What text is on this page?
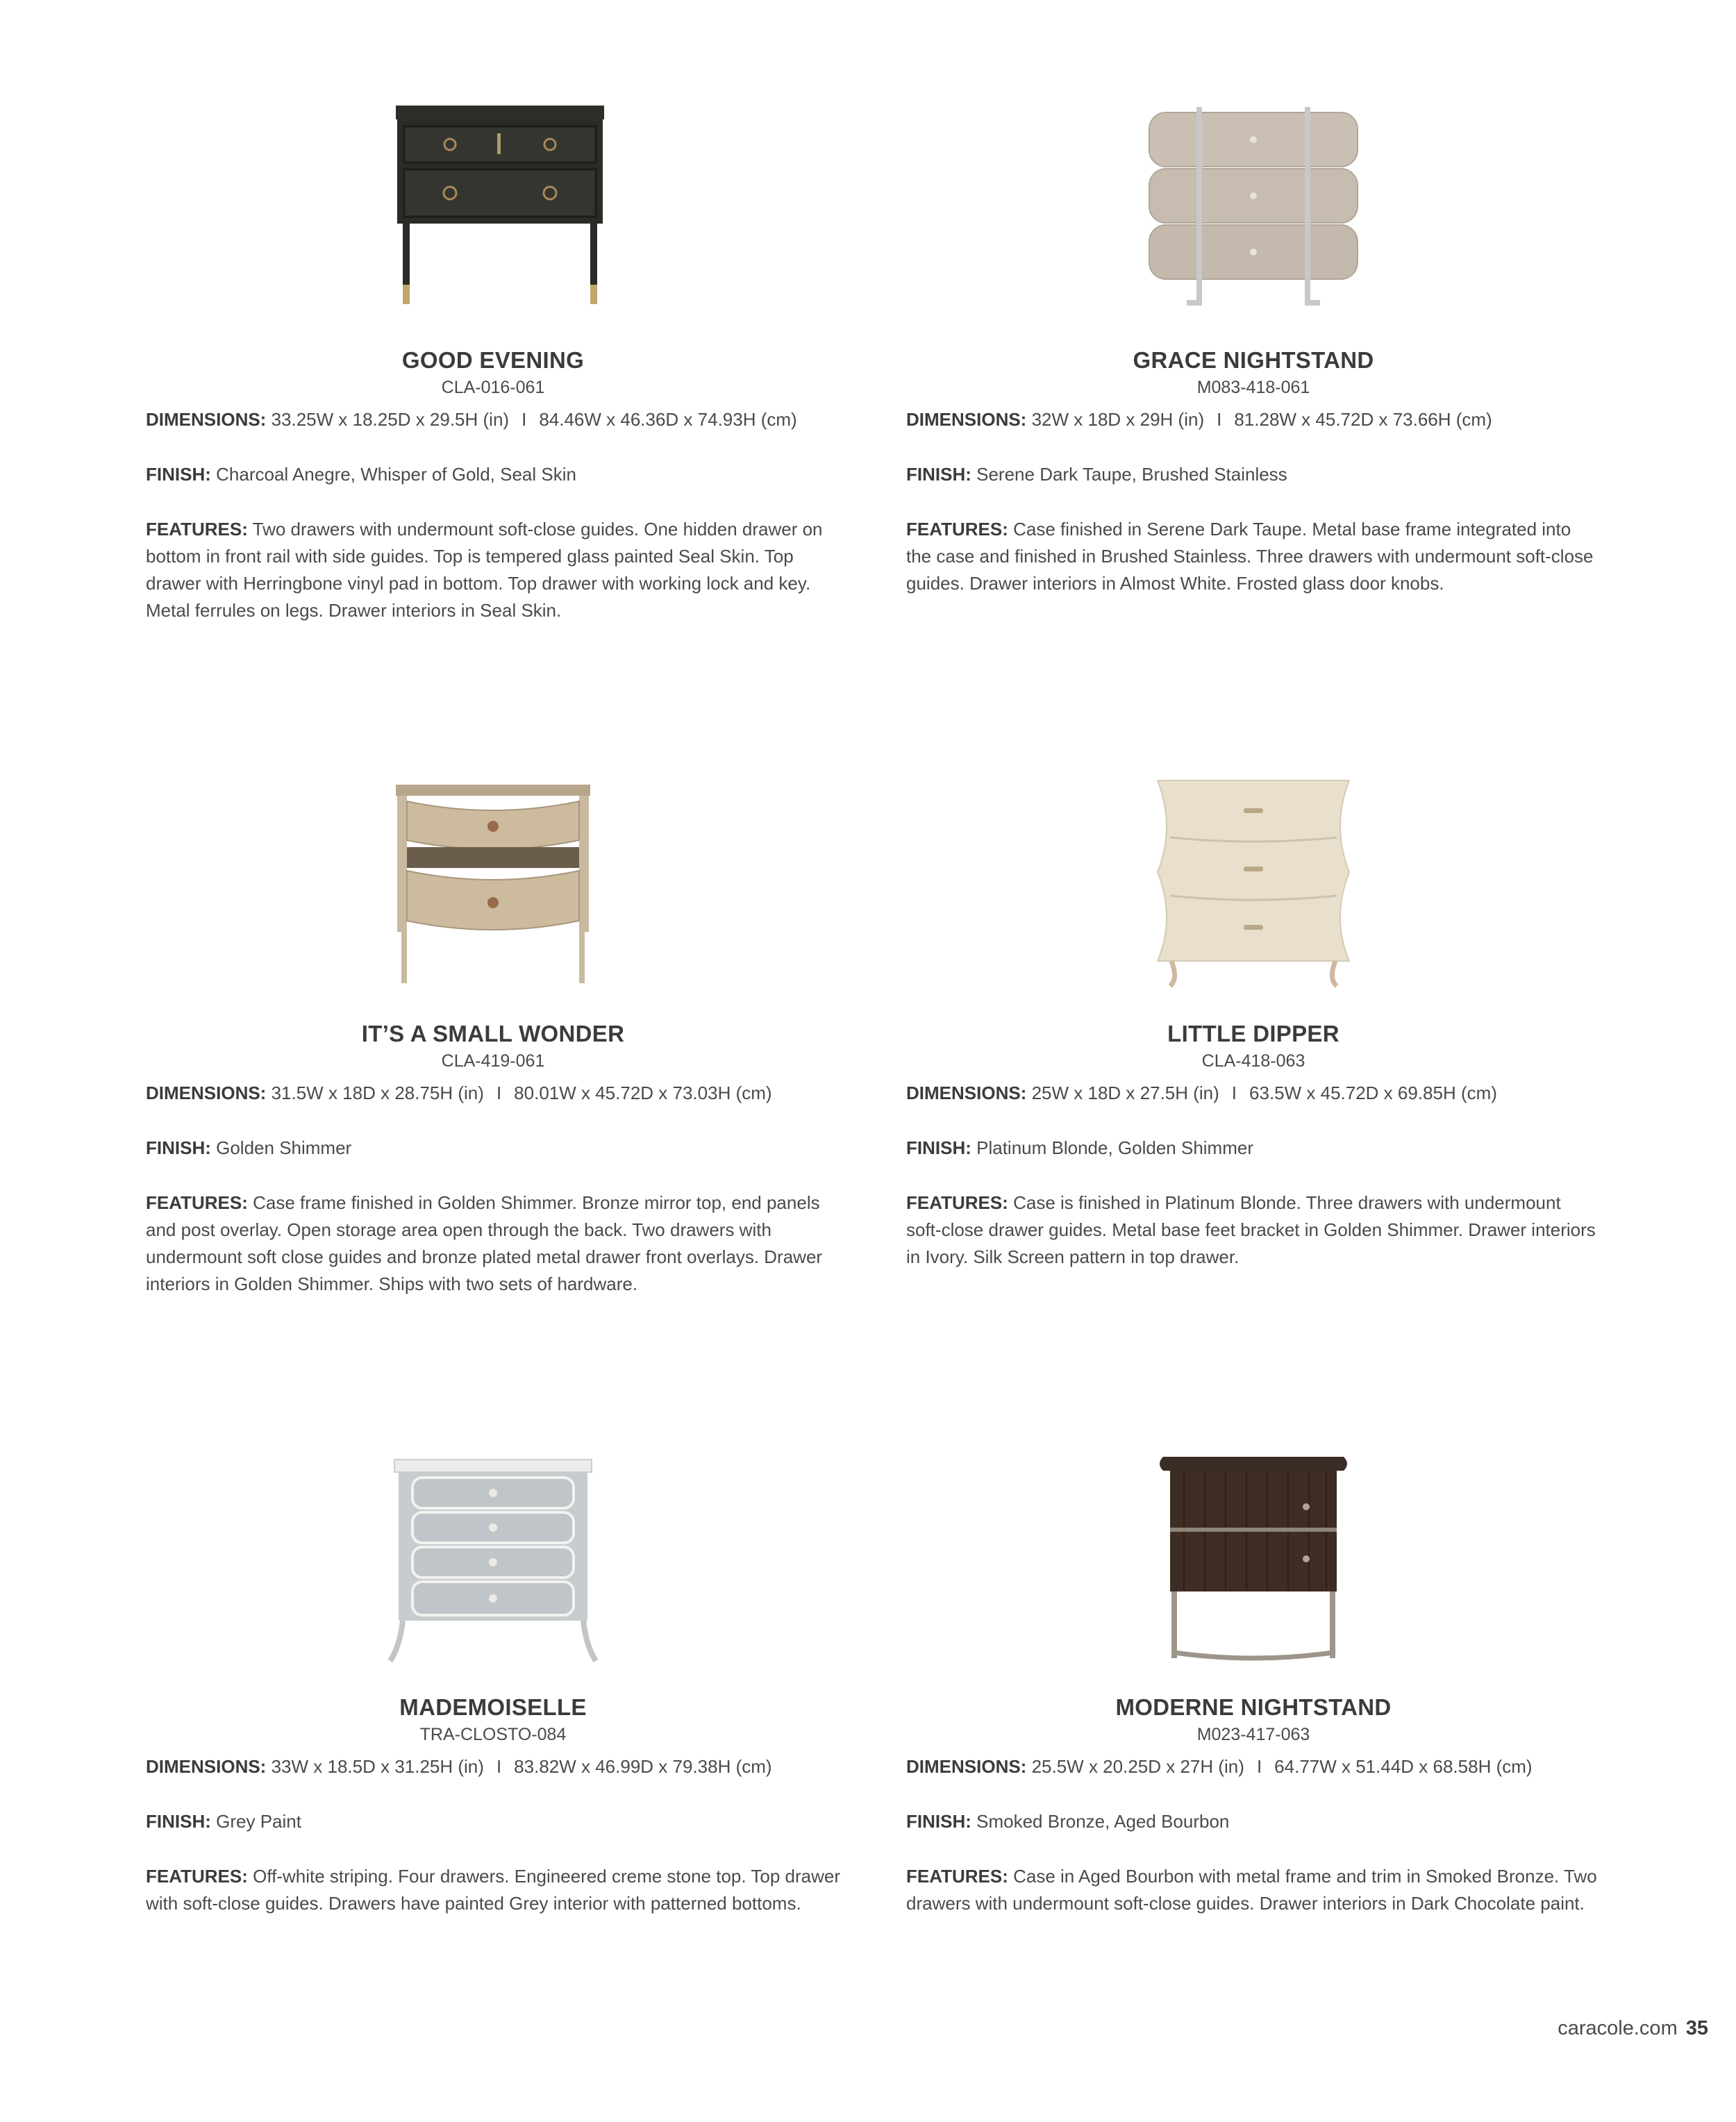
GOOD EVENING
CLA-016-061
DIMENSIONS: 33.25W x 18.25D x 29.5H (in) I 84.46W x 46.36D x 74.93H (cm)
FINISH: Charcoal Anegre, Whisper of Gold, Seal Skin
FEATURES: Two drawers with undermount soft-close guides. One hidden drawer on bottom in front rail with side guides. Top is tempered glass painted Seal Skin. Top drawer with Herringbone vinyl pad in bottom. Top drawer with working lock and key. Metal ferrules on legs. Drawer interiors in Seal Skin.
GRACE NIGHTSTAND
M083-418-061
DIMENSIONS: 32W x 18D x 29H (in) I 81.28W x 45.72D x 73.66H (cm)
FINISH: Serene Dark Taupe, Brushed Stainless
FEATURES: Case finished in Serene Dark Taupe. Metal base frame integrated into the case and finished in Brushed Stainless. Three drawers with undermount soft-close guides. Drawer interiors in Almost White. Frosted glass door knobs.
IT’S A SMALL WONDER
CLA-419-061
DIMENSIONS: 31.5W x 18D x 28.75H (in) I 80.01W x 45.72D x 73.03H (cm)
FINISH: Golden Shimmer
FEATURES: Case frame finished in Golden Shimmer. Bronze mirror top, end panels and post overlay. Open storage area open through the back. Two drawers with undermount soft close guides and bronze plated metal drawer front overlays. Drawer interiors in Golden Shimmer. Ships with two sets of hardware.
LITTLE DIPPER
CLA-418-063
DIMENSIONS: 25W x 18D x 27.5H (in) I 63.5W x 45.72D x 69.85H (cm)
FINISH: Platinum Blonde, Golden Shimmer
FEATURES: Case is finished in Platinum Blonde. Three drawers with undermount soft-close drawer guides. Metal base feet bracket in Golden Shimmer. Drawer interiors in Ivory. Silk Screen pattern in top drawer.
MADEMOISELLE
TRA-CLOSTO-084
DIMENSIONS: 33W x 18.5D x 31.25H (in) I 83.82W x 46.99D x 79.38H (cm)
FINISH: Grey Paint
FEATURES: Off-white striping. Four drawers. Engineered creme stone top. Top drawer with soft-close guides. Drawers have painted Grey interior with patterned bottoms.
MODERNE NIGHTSTAND
M023-417-063
DIMENSIONS: 25.5W x 20.25D x 27H (in) I 64.77W x 51.44D x 68.58H (cm)
FINISH: Smoked Bronze, Aged Bourbon
FEATURES: Case in Aged Bourbon with metal frame and trim in Smoked Bronze. Two drawers with undermount soft-close guides. Drawer interiors in Dark Chocolate paint.
caracole.com 35
